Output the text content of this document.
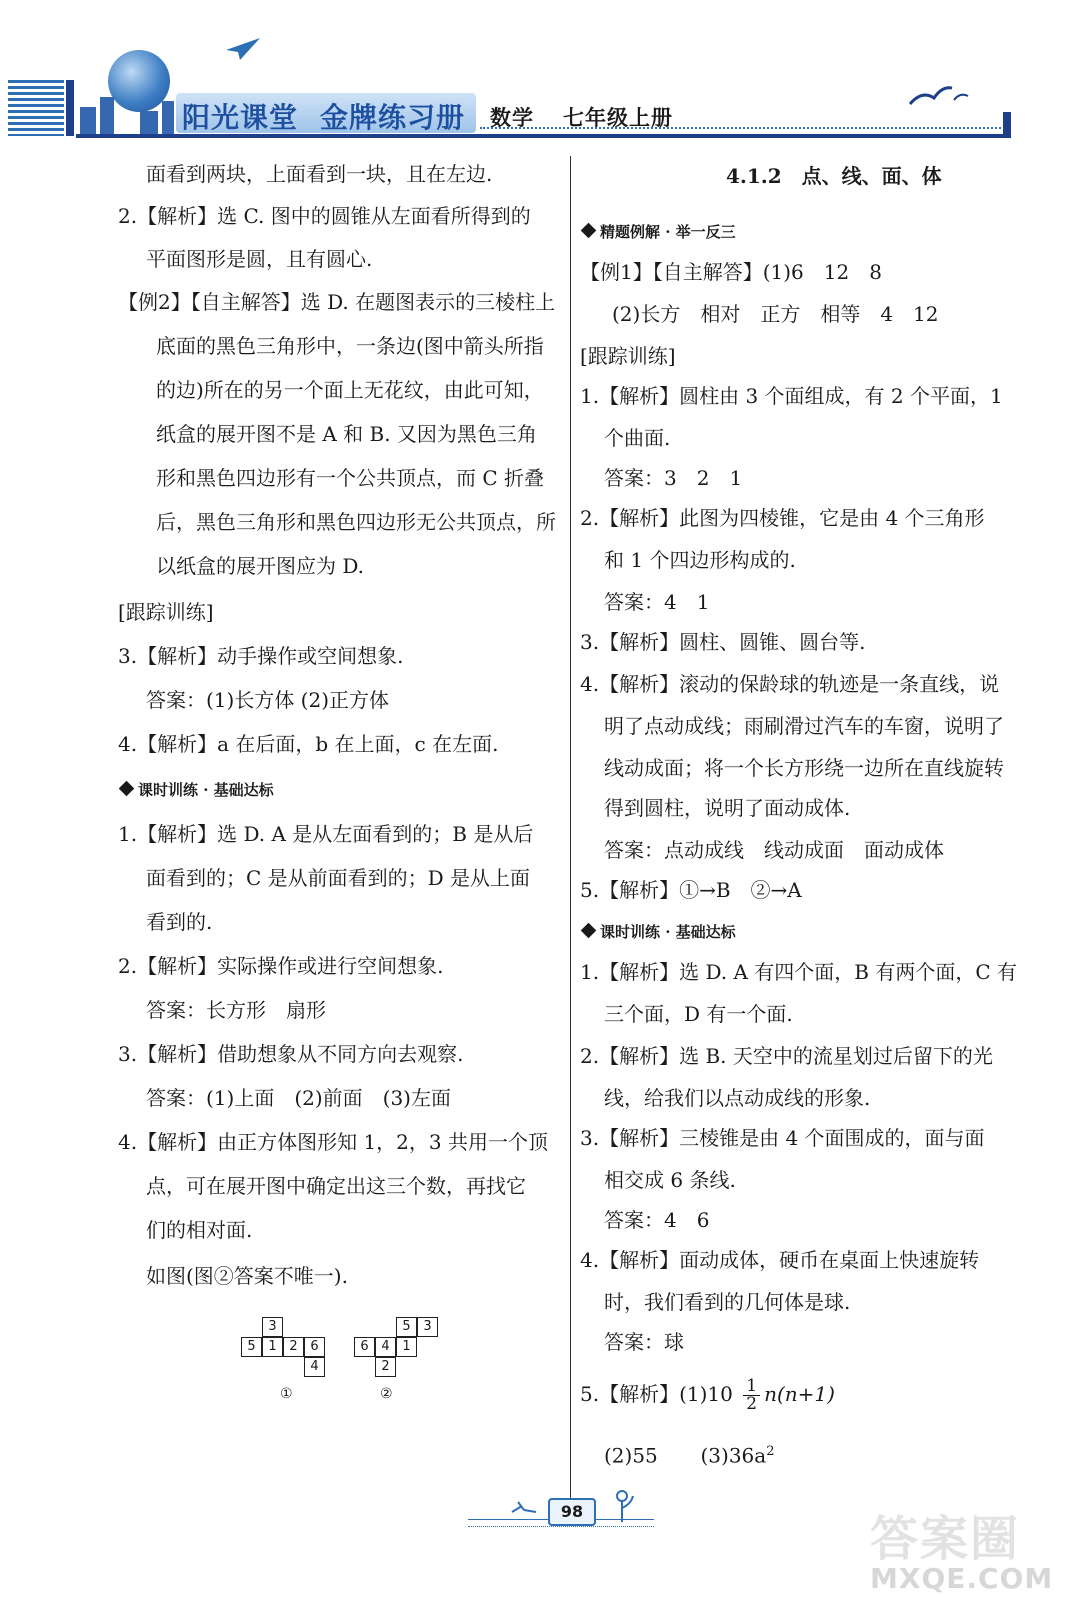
阳光课堂 金牌练习册 数学 七年级上册
面看到两块，上面看到一块，且在左边.
2.【解析】选 C. 图中的圆锥从左面看所得到的
平面图形是圆，且有圆心.
【例2】【自主解答】选 D. 在题图表示的三棱柱上
底面的黑色三角形中，一条边(图中箭头所指
的边)所在的另一个面上无花纹，由此可知，
纸盒的展开图不是 A 和 B. 又因为黑色三角
形和黑色四边形有一个公共顶点，而 C 折叠
后，黑色三角形和黑色四边形无公共顶点，所
以纸盒的展开图应为 D.
[跟踪训练]
3.【解析】动手操作或空间想象.
答案：(1)长方体 (2)正方体
4.【解析】a 在后面，b 在上面，c 在左面.
课时训练 · 基础达标
1.【解析】选 D. A 是从左面看到的；B 是从后
面看到的；C 是从前面看到的；D 是从上面
看到的.
2.【解析】实际操作或进行空间想象.
答案：长方形　扇形
3.【解析】借助想象从不同方向去观察.
答案：(1)上面　(2)前面　(3)左面
4.【解析】由正方体图形知 1，2，3 共用一个顶
点，可在展开图中确定出这三个数，再找它
们的相对面.
如图(图②答案不唯一).
3
5 1 2 6
4
①
5 3
6 4 1
2
②
4.1.2　点、线、面、体
精题例解 · 举一反三
【例1】【自主解答】(1)6　12　8
(2)长方　相对　正方　相等　4　12
[跟踪训练]
1.【解析】圆柱由 3 个面组成，有 2 个平面，1
个曲面.
答案：3　2　1
2.【解析】此图为四棱锥，它是由 4 个三角形
和 1 个四边形构成的.
答案：4　1
3.【解析】圆柱、圆锥、圆台等.
4.【解析】滚动的保龄球的轨迹是一条直线，说
明了点动成线；雨刷滑过汽车的车窗，说明了
线动成面；将一个长方形绕一边所在直线旋转
得到圆柱，说明了面动成体.
答案：点动成线　线动成面　面动成体
5.【解析】①→B　②→A
课时训练 · 基础达标
1.【解析】选 D. A 有四个面，B 有两个面，C 有
三个面，D 有一个面.
2.【解析】选 B. 天空中的流星划过后留下的光
线，给我们以点动成线的形象.
3.【解析】三棱锥是由 4 个面围成的，面与面
相交成 6 条线.
答案：4　6
4.【解析】面动成体，硬币在桌面上快速旋转
时，我们看到的几何体是球.
答案：球
5.【解析】$(1)10 \frac{1}{2} n(n+1)$
(2)55 $(3)36a^2$
98	答案圈
MXQE.COM
